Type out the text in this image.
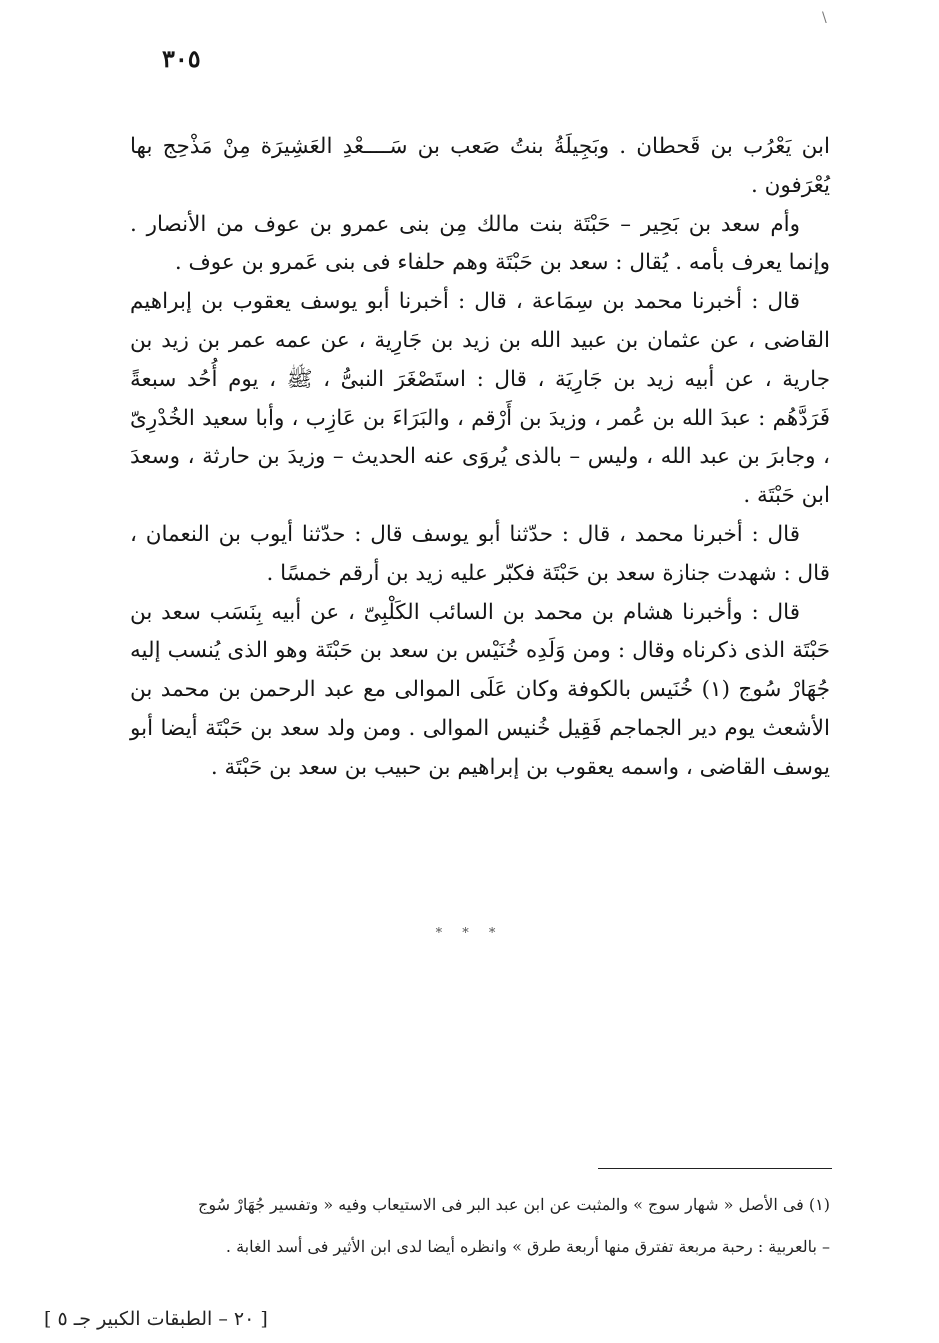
\
٣٠٥

ابن يَعْرُب بن قَحطان . وبَجِيلَةُ بنتُ صَعب بن سَــــعْدِ العَشِيرَة مِنْ مَذْحِج بها يُعْرَفون .

وأم سعد بن بَحِير – حَبْتَة بنت مالك مِن بنى عمرو بن عوف من الأنصار . وإنما يعرف بأمه . يُقال : سعد بن حَبْتَة وهم حلفاء فى بنى عَمرو بن عوف .

قال : أخبرنا محمد بن سِمَاعة ، قال : أخبرنا أبو يوسف يعقوب بن إبراهيم القاضى ، عن عثمان بن عبيد الله بن زيد بن جَارِية ، عن عمه عمر بن زيد بن جارية ، عن أبيه زيد بن جَارِيَة ، قال : استَصْغَرَ النبىُّ ، ﷺ ، يوم أُحُد سبعةً فَرَدَّهُم : عبدَ الله بن عُمر ، وزيدَ بن أَرْقم ، والبَرَاءَ بن عَازِب ، وأبا سعيد الخُدْرِىّ ، وجابرَ بن عبد الله ، وليس – بالذى يُروَى عنه الحديث – وزيدَ بن حارثة ، وسعدَ ابن حَبْتَة .

قال : أخبرنا محمد ، قال : حدّثنا أبو يوسف قال : حدّثنا أيوب بن النعمان ، قال : شهدت جنازة سعد بن حَبْتَة فكبّر عليه زيد بن أرقم خمسًا .

قال : وأخبرنا هشام بن محمد بن السائب الكَلْبِىّ ، عن أبيه بِنَسَب سعد بن حَبْتَة الذى ذكرناه وقال : ومن وَلَدِه خُنَيْس بن سعد بن حَبْتَة وهو الذى يُنسب إليه جُهَارْ سُوج (١) خُنَيس بالكوفة وكان عَلَى الموالى مع عبد الرحمن بن محمد بن الأشعث يوم دير الجماجم فَقِيل خُنيس الموالى . ومن ولد سعد بن حَبْتَة أيضا أبو يوسف القاضى ، واسمه يعقوب بن إبراهيم بن حبيب بن سعد بن حَبْتَة .

* * *

(١) فى الأصل « شهار سوج » والمثبت عن ابن عبد البر فى الاستيعاب وفيه « وتفسير جُهَارْ سُوج

– بالعربية : رحبة مربعة تفترق منها أربعة طرق » وانظره أيضا لدى ابن الأثير فى أسد الغابة .

[ ٢٠ – الطبقات الكبير جـ ٥ ]
